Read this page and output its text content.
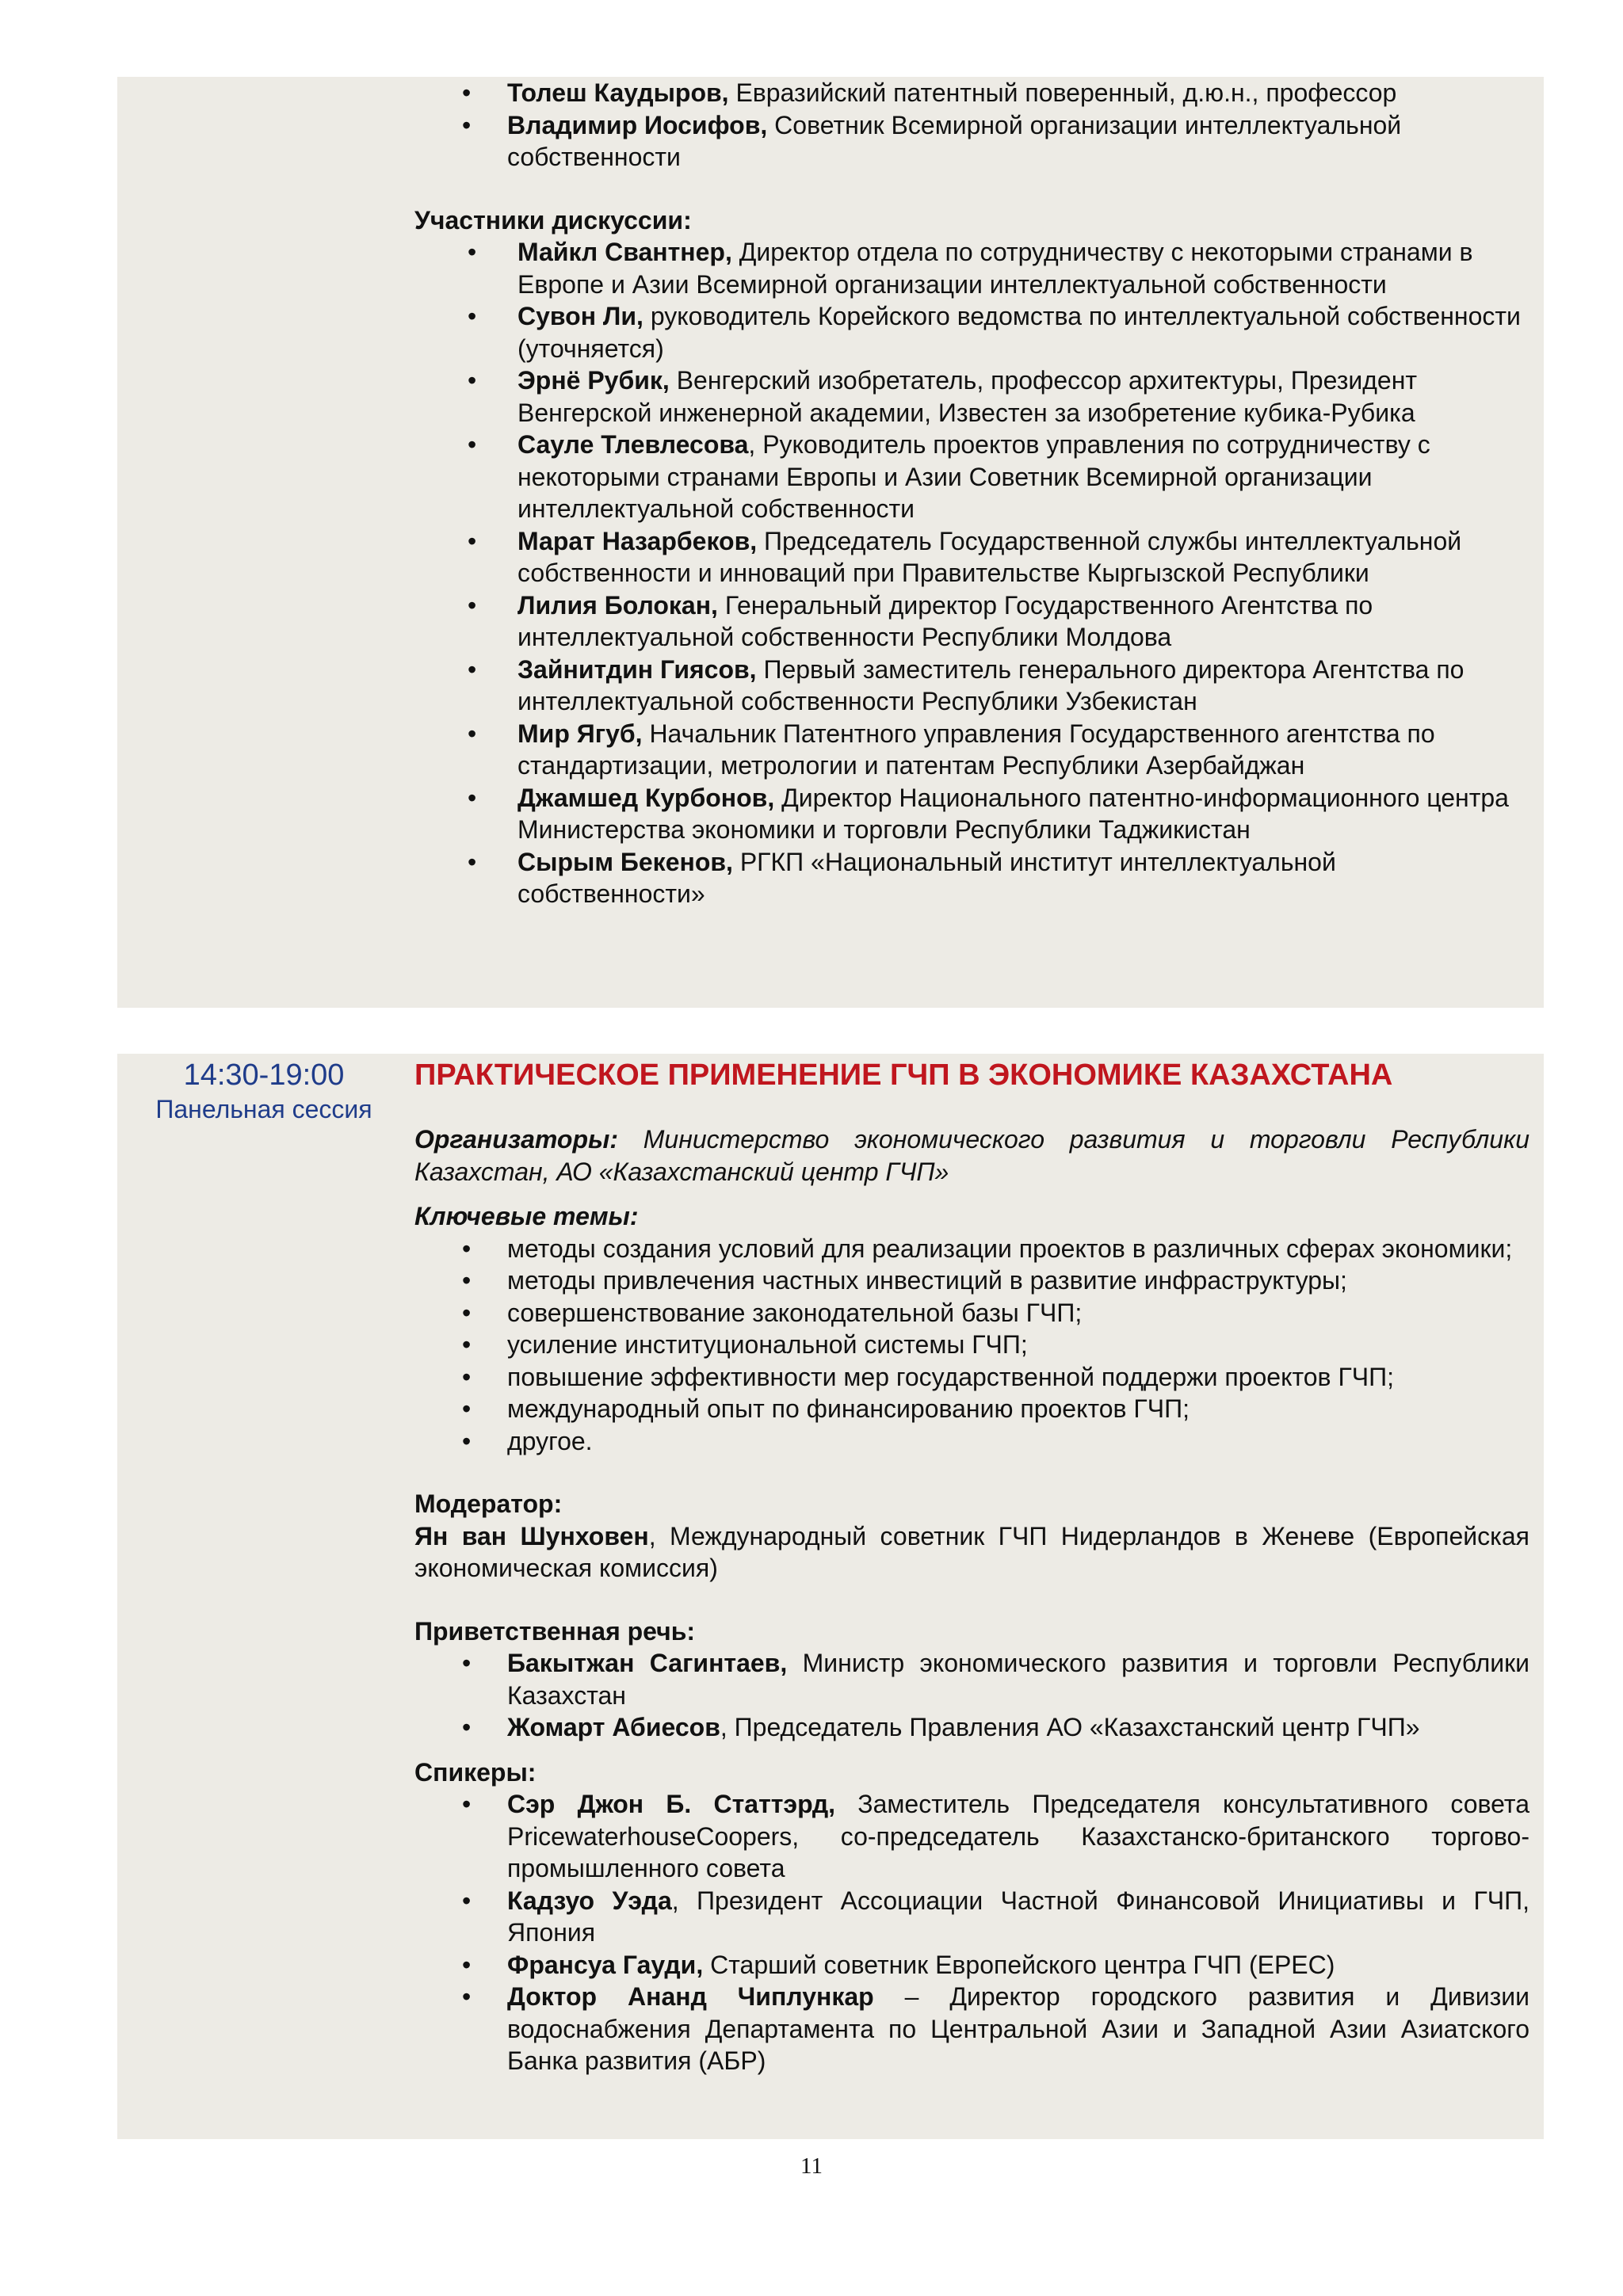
• Толеш Каудыров, Евразийский патентный поверенный, д.ю.н., профессор
• Владимир Иосифов, Советник Всемирной организации интеллектуальной собственности
Участники дискуссии:
• Майкл Свантнер, Директор отдела по сотрудничеству с некоторыми странами в Европе и Азии Всемирной организации интеллектуальной собственности
• Сувон Ли, руководитель Корейского ведомства по интеллектуальной собственности (уточняется)
• Эрнё Рубик, Венгерский изобретатель, профессор архитектуры, Президент Венгерской инженерной академии, Известен за изобретение кубика-Рубика
• Сауле Тлевлесова, Руководитель проектов управления по сотрудничеству с некоторыми странами Европы и Азии Советник Всемирной организации интеллектуальной собственности
• Марат Назарбеков, Председатель Государственной службы интеллектуальной собственности и инноваций при Правительстве Кыргызской Республики
• Лилия Болокан, Генеральный директор Государственного Агентства по интеллектуальной собственности Республики Молдова
• Зайнитдин Гиясов, Первый заместитель генерального директора Агентства по интеллектуальной собственности Республики Узбекистан
• Мир Ягуб, Начальник Патентного управления Государственного агентства по стандартизации, метрологии и патентам Республики Азербайджан
• Джамшед Курбонов, Директор Национального патентно-информационного центра Министерства экономики и торговли Республики Таджикистан
• Сырым Бекенов, РГКП «Национальный институт интеллектуальной собственности»
14:30-19:00
Панельная сессия
ПРАКТИЧЕСКОЕ ПРИМЕНЕНИЕ ГЧП В ЭКОНОМИКЕ КАЗАХСТАНА
Организаторы: Министерство экономического развития и торговли Республики Казахстан, АО «Казахстанский центр ГЧП»
Ключевые темы:
• методы создания условий для реализации проектов в различных сферах экономики;
• методы привлечения частных инвестиций в развитие инфраструктуры;
• совершенствование законодательной базы ГЧП;
• усиление институциональной системы ГЧП;
• повышение эффективности мер государственной поддержи проектов ГЧП;
• международный опыт по финансированию проектов ГЧП;
• другое.
Модератор:
Ян ван Шунховен, Международный советник ГЧП Нидерландов в Женеве (Европейская экономическая комиссия)
Приветственная речь:
• Бакытжан Сагинтаев, Министр экономического развития и торговли Республики Казахстан
• Жомарт Абиесов, Председатель Правления АО «Казахстанский центр ГЧП»
Спикеры:
• Сэр Джон Б. Статтэрд, Заместитель Председателя консультативного совета PricewaterhouseCoopers, со-председатель Казахстанско-британского торгово-промышленного совета
• Кадзуо Уэда, Президент Ассоциации Частной Финансовой Инициативы и ГЧП, Япония
• Франсуа Гауди, Старший советник Европейского центра ГЧП (EPEC)
• Доктор Ананд Чиплункар – Директор городского развития и Дивизии водоснабжения Департамента по Центральной Азии и Западной Азии Азиатского Банка развития (АБР)
11
